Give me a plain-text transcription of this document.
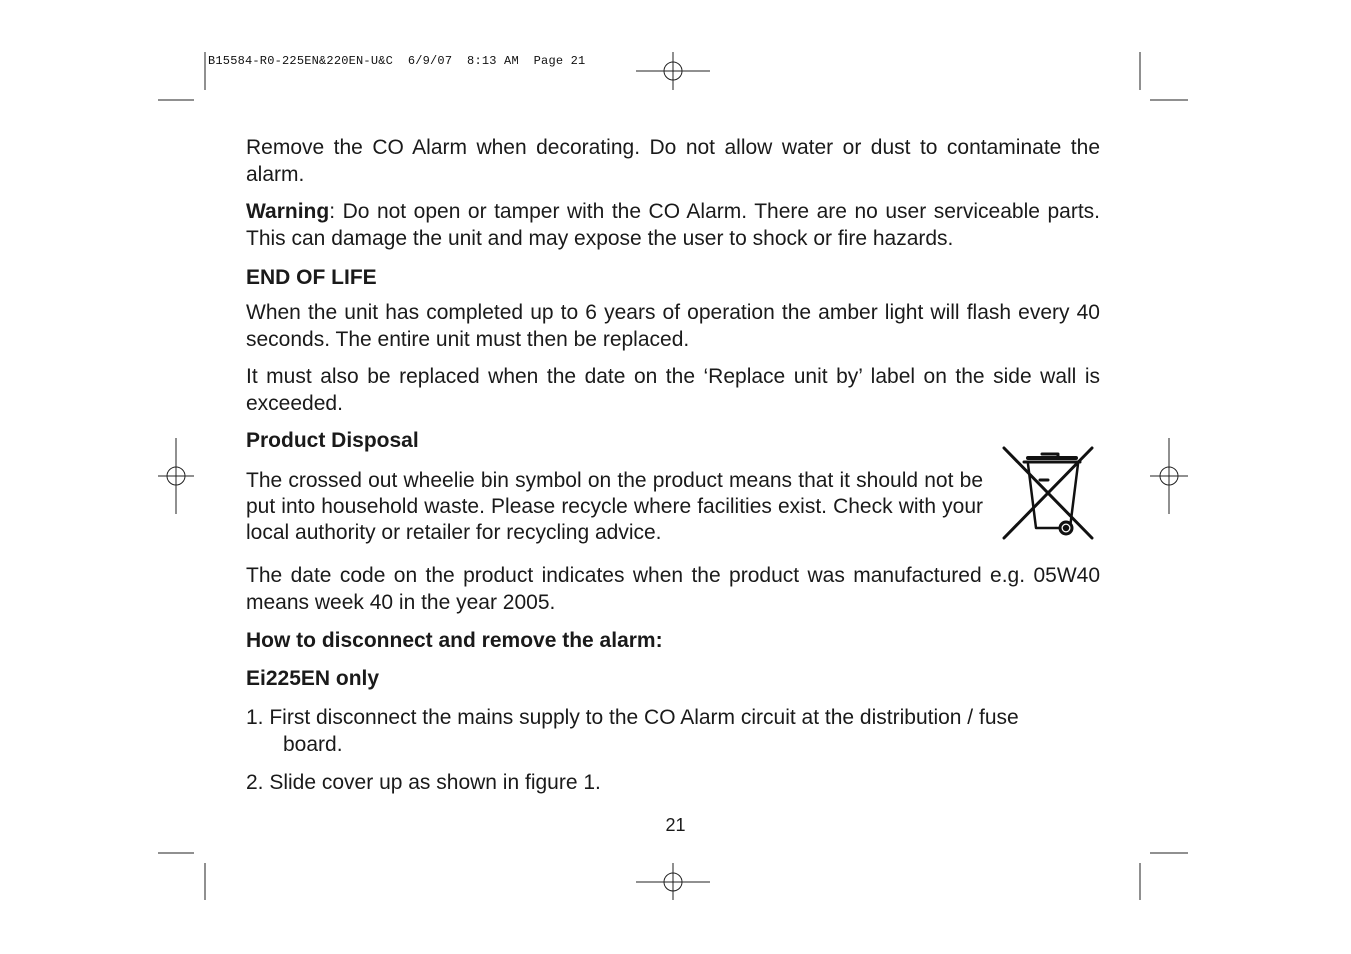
B15584-R0-225EN&220EN-U&C  6/9/07  8:13 AM  Page 21

Remove the CO Alarm when decorating. Do not allow water or dust to contaminate the alarm.

Warning: Do not open or tamper with the CO Alarm. There are no user serviceable parts. This can damage the unit and may expose the user to shock or fire hazards.

END OF LIFE

When the unit has completed up to 6 years of operation the amber light will flash every 40 seconds. The entire unit must then be replaced.

It must also be replaced when the date on the ‘Replace unit by’ label on the side wall is exceeded.

Product Disposal
The crossed out wheelie bin symbol on the product means that it should not be put into household waste. Please recycle where facilities exist. Check with your local authority or retailer for recycling advice.

The date code on the product indicates when the product was manufactured e.g. 05W40 means week 40 in the year 2005.

How to disconnect and remove the alarm:
Ei225EN only

1. First disconnect the mains supply to the CO Alarm circuit at the distribution / fuse
board.

2. Slide cover up as shown in figure 1.

21
